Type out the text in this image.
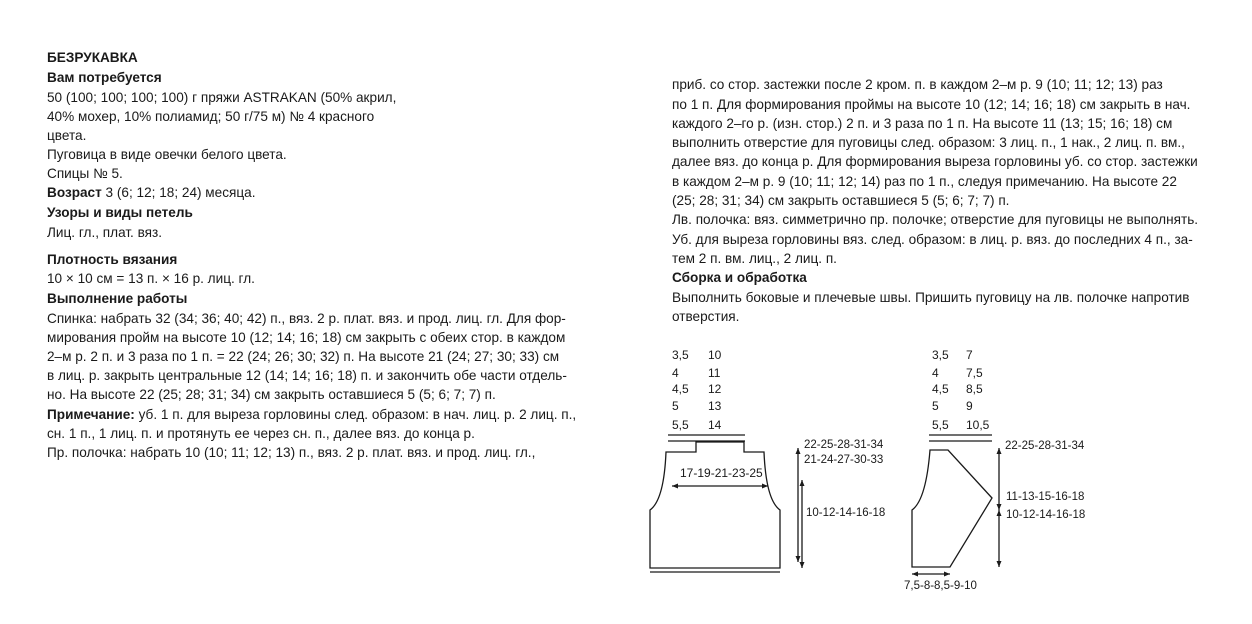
БЕЗРУКАВКА
Вам потребуется
50 (100; 100; 100; 100) г пряжи ASTRAKAN (50% акрил,
40% мохер, 10% полиамид; 50 г/75 м) № 4 красного
цвета.
Пуговица в виде овечки белого цвета.
Спицы № 5.
Возраст 3 (6; 12; 18; 24) месяца.
Узоры и виды петель
Лиц. гл., плат. вяз.
Плотность вязания
10 × 10 см = 13 п. × 16 р. лиц. гл.
Выполнение работы
Спинка: набрать 32 (34; 36; 40; 42) п., вяз. 2 р. плат. вяз. и прод. лиц. гл. Для фор-
мирования пройм на высоте 10 (12; 14; 16; 18) см закрыть с обеих стор. в каждом
2–м р. 2 п. и 3 раза по 1 п. = 22 (24; 26; 30; 32) п. На высоте 21 (24; 27; 30; 33) см
в лиц. р. закрыть центральные 12 (14; 14; 16; 18) п. и закончить обе части отдель-
но. На высоте 22 (25; 28; 31; 34) см закрыть оставшиеся 5 (5; 6; 7; 7) п.
Примечание: уб. 1 п. для выреза горловины след. образом: в нач. лиц. р. 2 лиц. п.,
сн. 1 п., 1 лиц. п. и протянуть ее через сн. п., далее вяз. до конца р.
Пр. полочка: набрать 10 (10; 11; 12; 13) п., вяз. 2 р. плат. вяз. и прод. лиц. гл.,
приб. со стор. застежки после 2 кром. п. в каждом 2–м р. 9 (10; 11; 12; 13) раз
по 1 п. Для формирования проймы на высоте 10 (12; 14; 16; 18) см закрыть в нач.
каждого 2–го р. (изн. стор.) 2 п. и 3 раза по 1 п. На высоте 11 (13; 15; 16; 18) см
выполнить отверстие для пуговицы след. образом: 3 лиц. п., 1 нак., 2 лиц. п. вм.,
далее вяз. до конца р. Для формирования выреза горловины уб. со стор. застежки
в каждом 2–м р. 9 (10; 11; 12; 14) раз по 1 п., следуя примечанию. На высоте 22
(25; 28; 31; 34) см закрыть оставшиеся 5 (5; 6; 7; 7) п.
Лв. полочка: вяз. симметрично пр. полочке; отверстие для пуговицы не выполнять.
Уб. для выреза горловины вяз. след. образом: в лиц. р. вяз. до последних 4 п., за-
тем 2 п. вм. лиц., 2 лиц. п.
Сборка и обработка
Выполнить боковые и плечевые швы. Пришить пуговицу на лв. полочке напротив
отверстия.
3,5
4
4,5
5
5,5
10
11
12
13
14
17-19-21-23-25
22-25-28-31-34
21-24-27-30-33
10-12-14-16-18
3,5
4
4,5
5
5,5
7
7,5
8,5
9
10,5
22-25-28-31-34
11-13-15-16-18
10-12-14-16-18
7,5-8-8,5-9-10
